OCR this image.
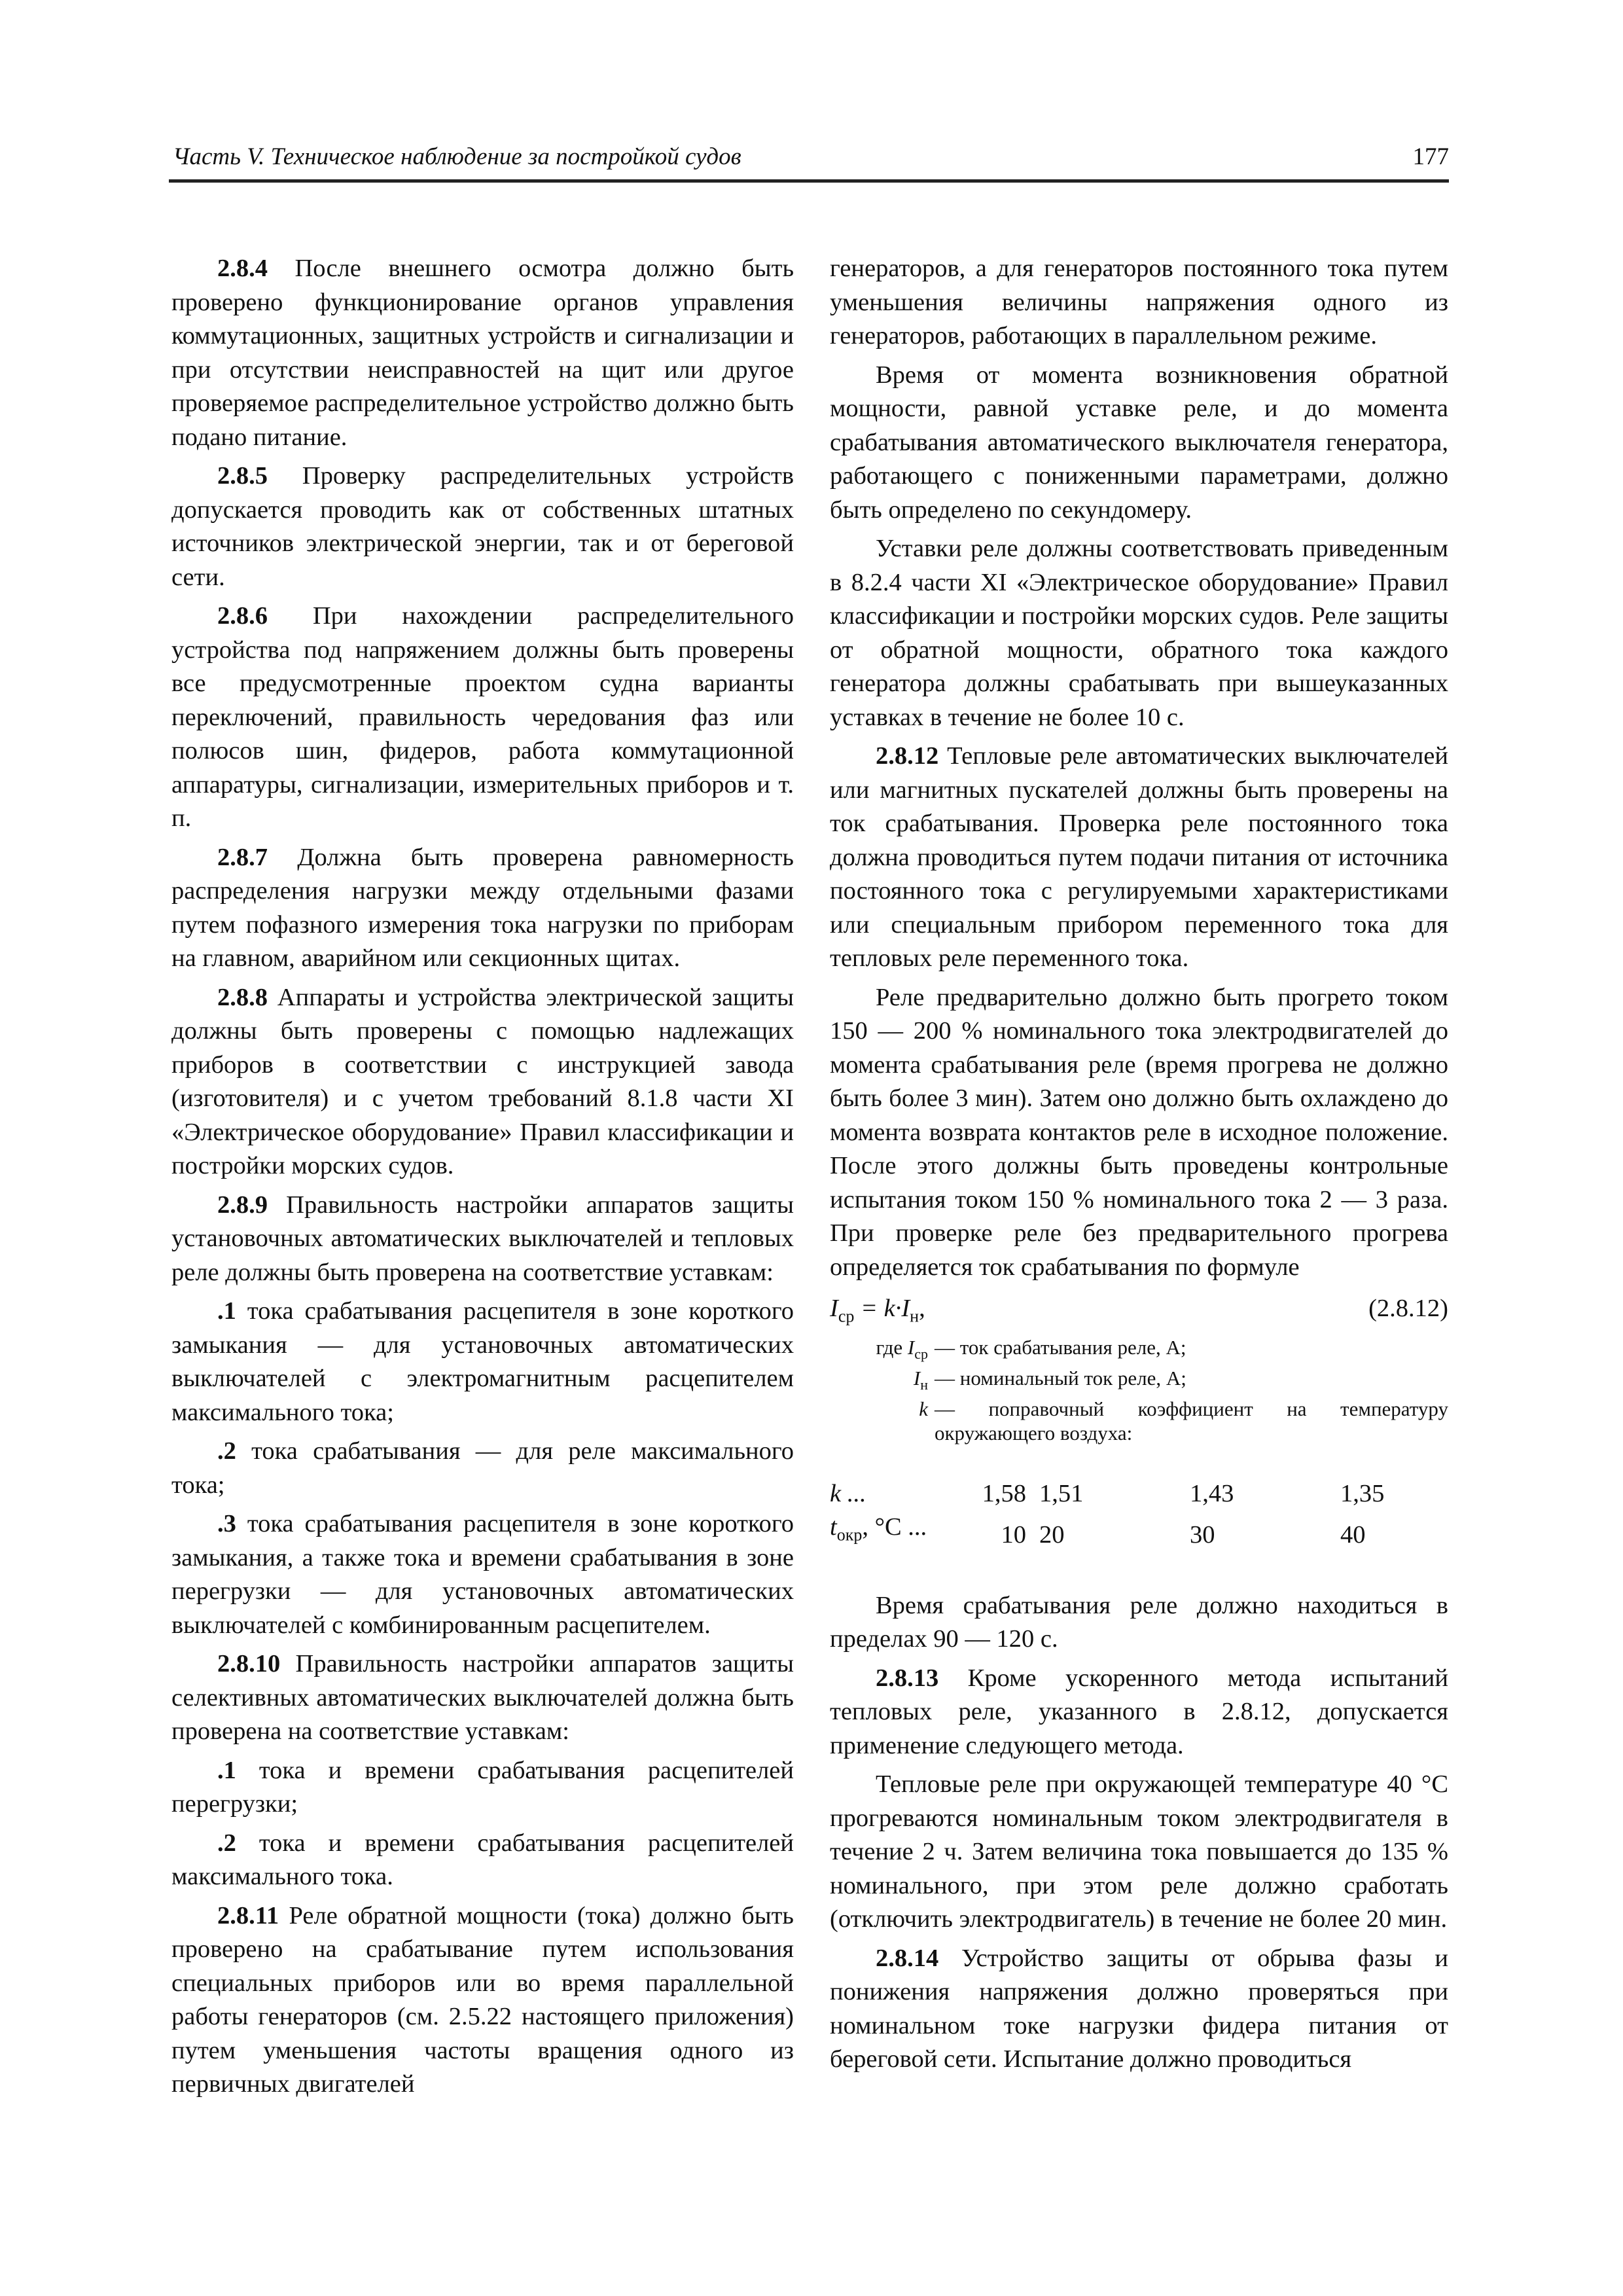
Часть V. Техническое наблюдение за постройкой судов	177

2.8.4 После внешнего осмотра должно быть проверено функционирование органов управления коммутационных, защитных устройств и сигнализации и при отсутствии неисправностей на щит или другое проверяемое распределительное устройство должно быть подано питание.

2.8.5 Проверку распределительных устройств допускается проводить как от собственных штатных источников электрической энергии, так и от береговой сети.

2.8.6 При нахождении распределительного устройства под напряжением должны быть проверены все предусмотренные проектом судна варианты переключений, правильность чередования фаз или полюсов шин, фидеров, работа коммутационной аппаратуры, сигнализации, измерительных приборов и т. п.

2.8.7 Должна быть проверена равномерность распределения нагрузки между отдельными фазами путем пофазного измерения тока нагрузки по приборам на главном, аварийном или секционных щитах.

2.8.8 Аппараты и устройства электрической защиты должны быть проверены с помощью надлежащих приборов в соответствии с инструкцией завода (изготовителя) и с учетом требований 8.1.8 части XI «Электрическое оборудование» Правил классификации и постройки морских судов.

2.8.9 Правильность настройки аппаратов защиты установочных автоматических выключателей и тепловых реле должны быть проверена на соответствие уставкам:

.1 тока срабатывания расцепителя в зоне короткого замыкания — для установочных автоматических выключателей с электромагнитным расцепителем максимального тока;

.2 тока срабатывания — для реле максимального тока;

.3 тока срабатывания расцепителя в зоне короткого замыкания, а также тока и времени срабатывания в зоне перегрузки — для установочных автоматических выключателей с комбинированным расцепителем.

2.8.10 Правильность настройки аппаратов защиты селективных автоматических выключателей должна быть проверена на соответствие уставкам:

.1 тока и времени срабатывания расцепителей перегрузки;

.2 тока и времени срабатывания расцепителей максимального тока.

2.8.11 Реле обратной мощности (тока) должно быть проверено на срабатывание путем использования специальных приборов или во время параллельной работы генераторов (см. 2.5.22 настоящего приложения) путем уменьшения частоты вращения одного из первичных двигателей

генераторов, а для генераторов постоянного тока путем уменьшения величины напряжения одного из генераторов, работающих в параллельном режиме.

Время от момента возникновения обратной мощности, равной уставке реле, и до момента срабатывания автоматического выключателя генератора, работающего с пониженными параметрами, должно быть определено по секундомеру.

Уставки реле должны соответствовать приведенным в 8.2.4 части XI «Электрическое оборудование» Правил классификации и постройки морских судов. Реле защиты от обратной мощности, обратного тока каждого генератора должны срабатывать при вышеуказанных уставках в течение не более 10 с.

2.8.12 Тепловые реле автоматических выключателей или магнитных пускателей должны быть проверены на ток срабатывания. Проверка реле постоянного тока должна проводиться путем подачи питания от источника постоянного тока с регулируемыми характеристиками или специальным прибором переменного тока для тепловых реле переменного тока.

Реле предварительно должно быть прогрето током 150 — 200 % номинального тока электродвигателей до момента срабатывания реле (время прогрева не должно быть более 3 мин). Затем оно должно быть охлаждено до момента возврата контактов реле в исходное положение. После этого должны быть проведены контрольные испытания током 150 % номинального тока 2 — 3 раза. При проверке реле без предварительного прогрева определяется ток срабатывания по формуле

$I_{ср} = k\cdot I_н$,	(2.8.12)
где $I_{ср}$ — ток срабатывания реле, А;
$I_н$ — номинальный ток реле, А;
k — поправочный коэффициент на температуру окружающего воздуха:
k ...	1,58	1,51	1,43	1,35
$t_{окр}$, °C ...	10	20	30	40

Время срабатывания реле должно находиться в пределах 90 — 120 с.

2.8.13 Кроме ускоренного метода испытаний тепловых реле, указанного в 2.8.12, допускается применение следующего метода.

Тепловые реле при окружающей температуре 40 °С прогреваются номинальным током электродвигателя в течение 2 ч. Затем величина тока повышается до 135 % номинального, при этом реле должно сработать (отключить электродвигатель) в течение не более 20 мин.

2.8.14 Устройство защиты от обрыва фазы и понижения напряжения должно проверяться при номинальном токе нагрузки фидера питания от береговой сети. Испытание должно проводиться
